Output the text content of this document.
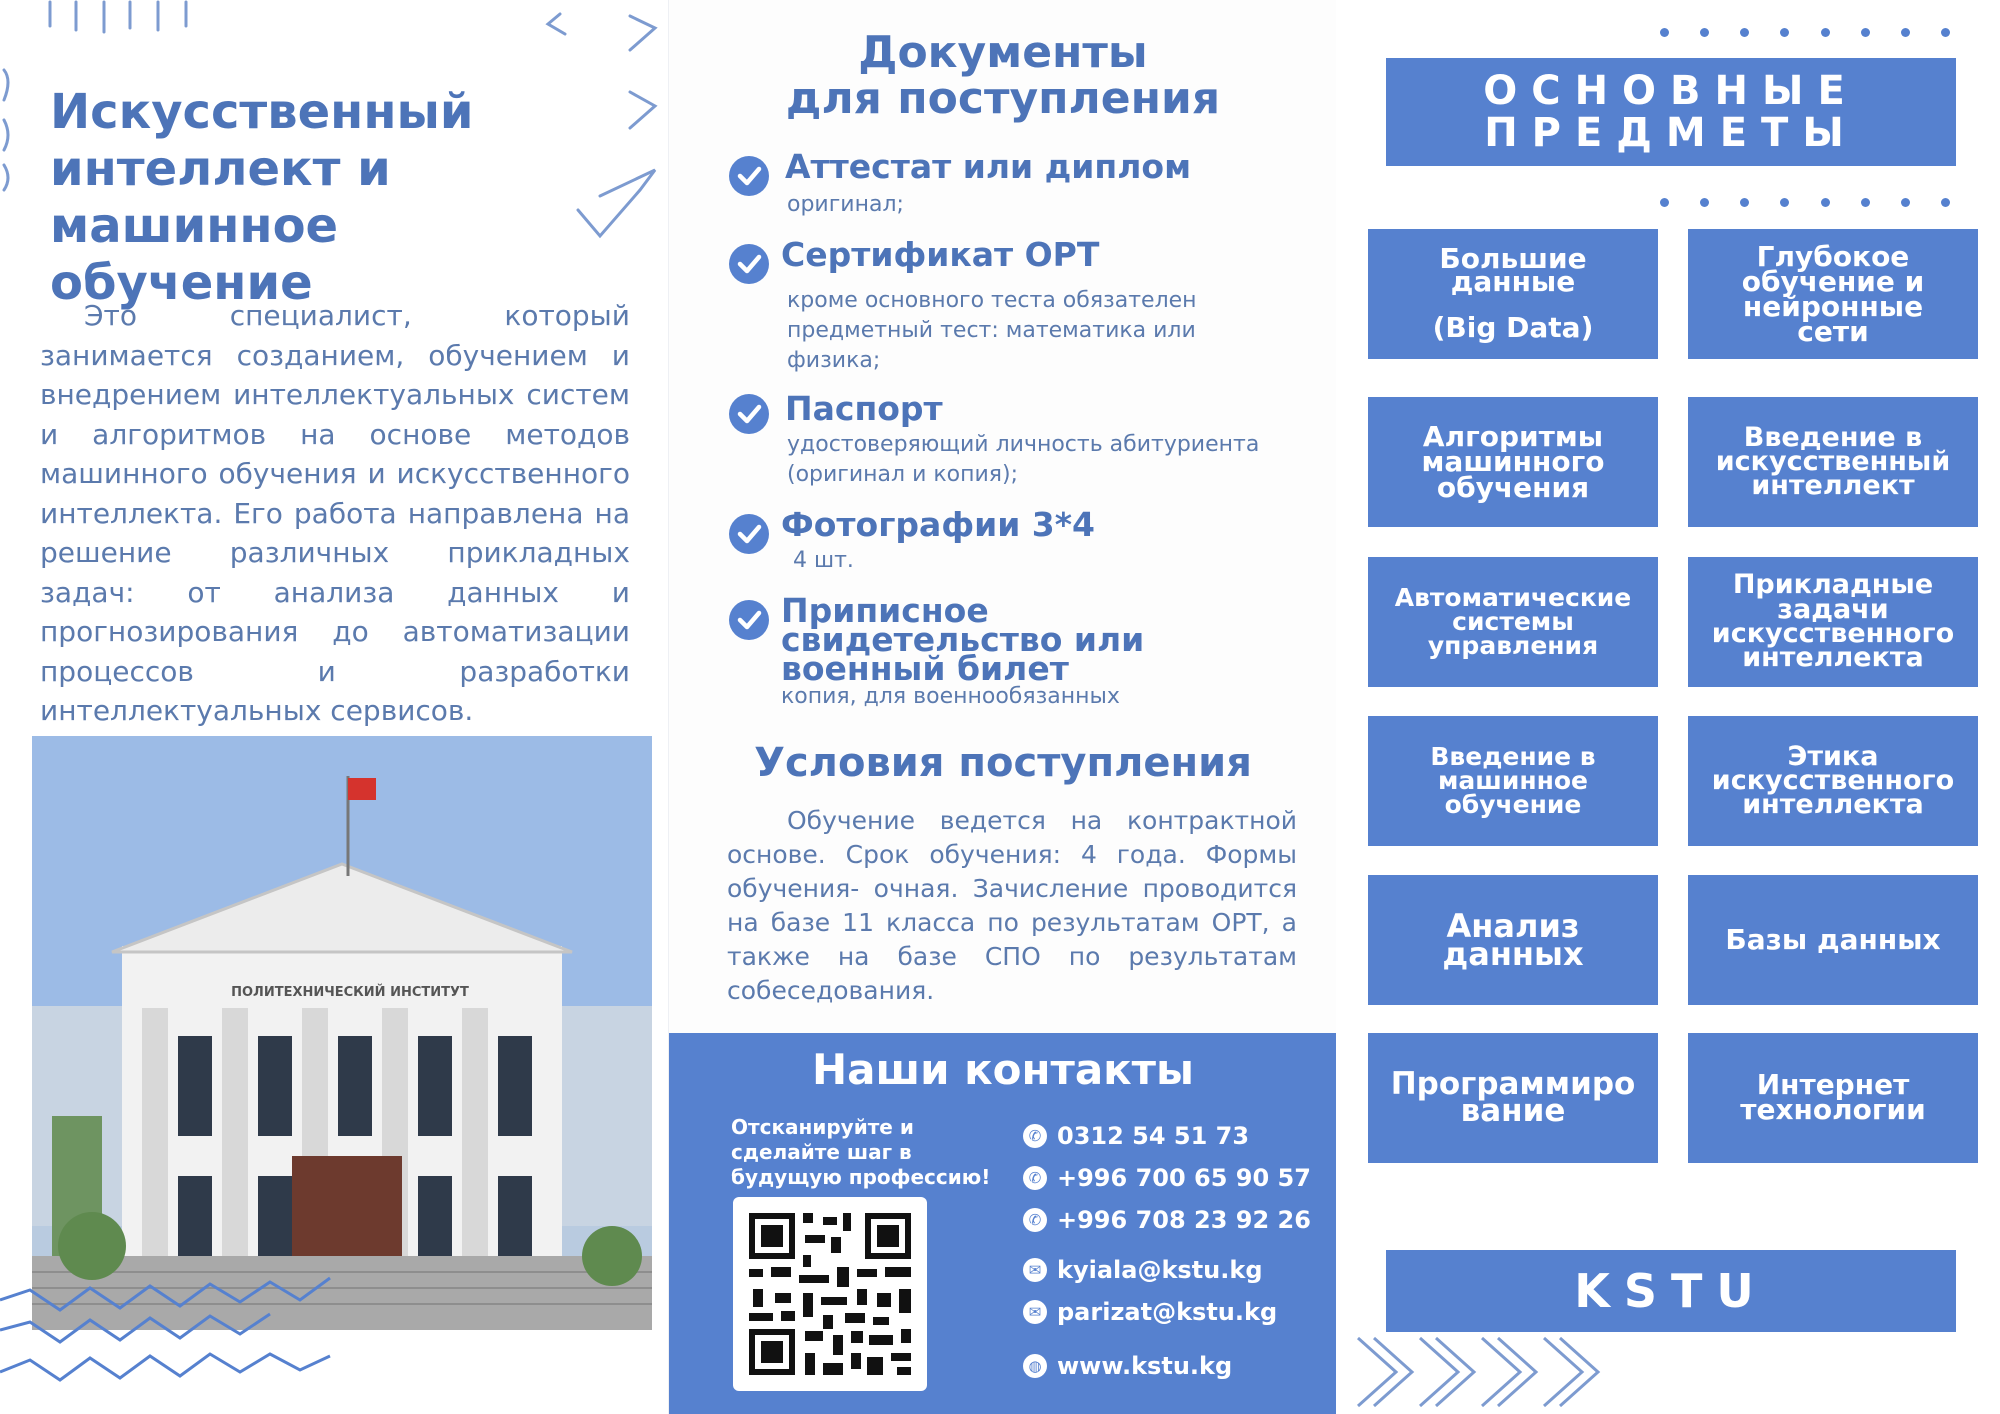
Искусственный интеллект и машинное обучение
Это специалист, который занимается созданием, обучением и внедрением интеллектуальных систем и алгоритмов на основе методов машинного обучения и искусственного интеллекта. Его работа направлена на решение различных прикладных задач: от анализа данных и прогнозирования до автоматизации процессов и разработки интеллектуальных сервисов.
ПОЛИТЕХНИЧЕСКИЙ ИНСТИТУТ
Документы
для поступления
Аттестат или диплом
оригинал;
Сертификат ОРТ
кроме основного теста обязателен предметный тест: математика или физика;
Паспорт
удостоверяющий личность абитуриента (оригинал и копия);
Фотографии 3*4
4 шт.
Приписное свидетельство или военный билет
копия, для военнообязанных
Условия поступления
Обучение ведется на контрактной основе. Срок обучения: 4 года. Формы обучения- очная. Зачисление проводится на базе 11 класса по результатам ОРТ, а также на базе СПО по результатам собеседования.
Наши контакты
Отсканируйте и сделайте шаг в будущую профессию!
✆ 0312 54 51 73
✆ +996 700 65 90 57
✆ +996 708 23 92 26
✉ kyiala@kstu.kg
✉ parizat@kstu.kg
◍ www.kstu.kg
ОСНОВНЫЕ
ПРЕДМЕТЫ
Большие
данные

(Big Data)
Глубокое
обучение и
нейронные
сети
Алгоритмы
машинного
обучения
Введение в
искусственный
интеллект
Автоматические
системы
управления
Прикладные
задачи
искусственного
интеллекта
Введение в
машинное
обучение
Этика
искусственного
интеллекта
Анализ
данных	Базы данных
Программиро
вание
Интернет
технологии
KSTU
